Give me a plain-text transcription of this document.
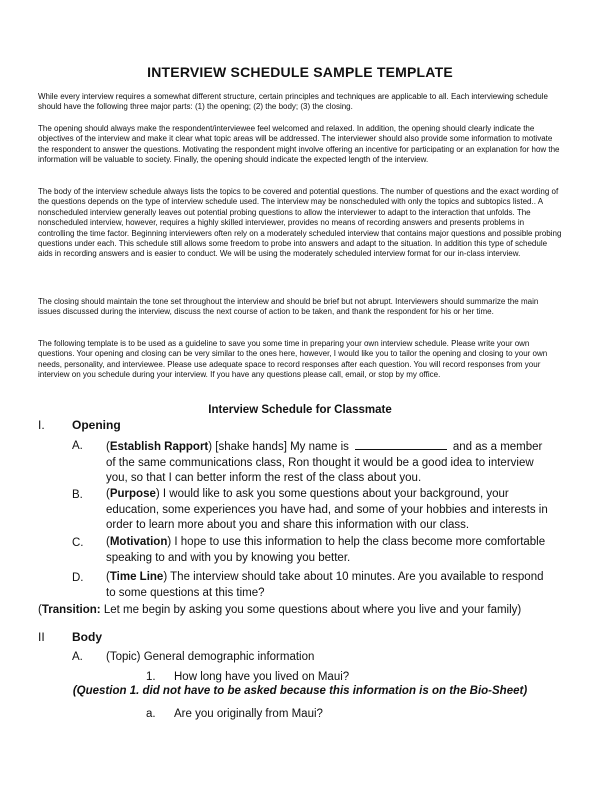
INTERVIEW SCHEDULE SAMPLE TEMPLATE

While every interview requires a somewhat different structure, certain principles and techniques are applicable to all. Each interviewing schedule should have the following three major parts: (1) the opening; (2) the body; (3) the closing.

The opening should always make the respondent/interviewee feel welcomed and relaxed. In addition, the opening should clearly indicate the objectives of the interview and make it clear what topic areas will be addressed. The interviewer should also provide some information to motivate the respondent to answer the questions. Motivating the respondent might involve offering an incentive for participating or an explanation for how the information will be valuable to society. Finally, the opening should indicate the expected length of the interview.

The body of the interview schedule always lists the topics to be covered and potential questions. The number of questions and the exact wording of the questions depends on the type of interview schedule used. The interview may be nonscheduled with only the topics and subtopics listed.. A nonscheduled interview generally leaves out potential probing questions to allow the interviewer to adapt to the interaction that unfolds. The nonscheduled interview, however, requires a highly skilled interviewer, provides no means of recording answers and presents problems in controlling the time factor. Beginning interviewers often rely on a moderately scheduled interview that contains major questions and possible probing questions under each. This schedule still allows some freedom to probe into answers and adapt to the situation. In addition this type of schedule aids in recording answers and is easier to conduct. We will be using the moderately scheduled interview format for our in-class interview.

The closing should maintain the tone set throughout the interview and should be brief but not abrupt. Interviewers should summarize the main issues discussed during the interview, discuss the next course of action to be taken, and thank the respondent for his or her time.

The following template is to be used as a guideline to save you some time in preparing your own interview schedule. Please write your own questions. Your opening and closing can be very similar to the ones here, however, I would like you to tailor the opening and closing to your own needs, personality, and interviewee. Please use adequate space to record responses after each question. You will record responses from your interview on you schedule during your interview. If you have any questions please call, email, or stop by my office.

Interview Schedule for Classmate
I. Opening
A. (Establish Rapport) [shake hands] My name is	and as a member of the same communications class, Ron thought it would be a good idea to interview you, so that I can better inform the rest of the class about you.
B. (Purpose) I would like to ask you some questions about your background, your education, some experiences you have had, and some of your hobbies and interests in order to learn more about you and share this information with our class.
C. (Motivation) I hope to use this information to help the class become more comfortable speaking to and with you by knowing you better.
D. (Time Line) The interview should take about 10 minutes. Are you available to respond to some questions at this time?
(Transition: Let me begin by asking you some questions about where you live and your family)
II Body
A. (Topic) General demographic information
1. How long have you lived on Maui?
(Question 1. did not have to be asked because this information is on the Bio-Sheet)
a. Are you originally from Maui?
